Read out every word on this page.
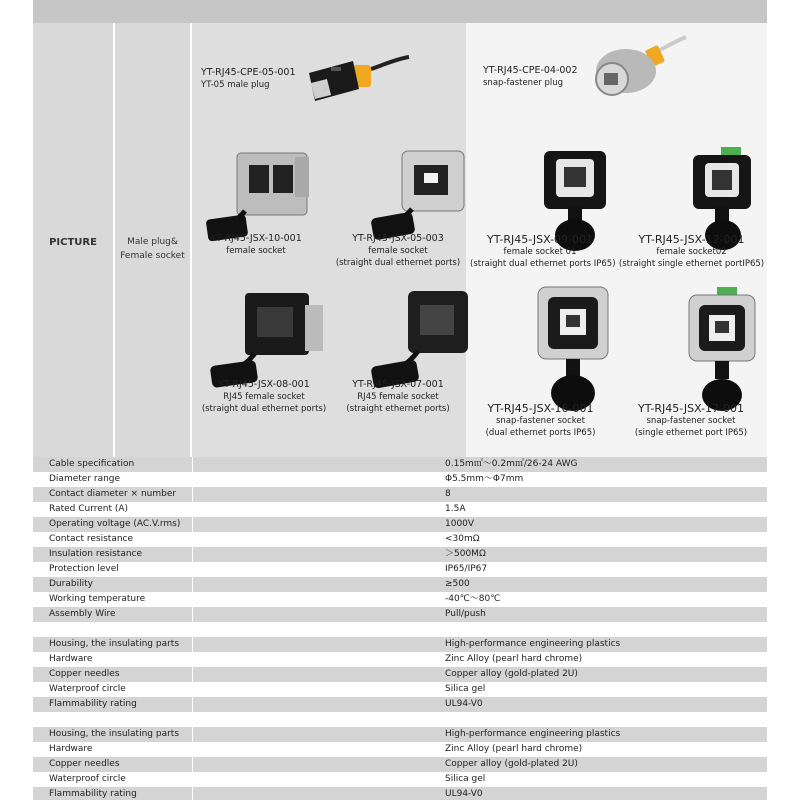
PICTURE	Male plug&
Female socket
YT-RJ45-CPE-05-001
YT-05 male plug
YT-RJ45-CPE-04-002
snap-fastener plug
YT-RJ45-JSX-10-001
female socket
YT-RJ45-JSX-05-003
female socket
(straight dual ethernet ports)
YT-RJ45-JSX-09-001
female socket 01
(straight dual ethernet ports IP65)
YT-RJ45-JSX-12-001
female socket02
(straight single ethernet portIP65)
YT-RJ45-JSX-08-001
RJ45 female socket
(straight dual ethernet ports)
YT-RJ45-JSX-07-001
RJ45 female socket
(straight ethernet ports)	YT-RJ45-JSX-16-001
snap-fastener socket
(dual ethernet ports IP65)
YT-RJ45-JSX-17-001
snap-fastener socket
(single ethernet port IP65)
Cable specification	0.15m㎡～0.2m㎡/26-24 AWG
Diameter range	Φ5.5mm～Φ7mm
Contact diameter × number	8
Rated Current (A)	1.5A
Operating voltage (AC.V.rms)	1000V
Contact resistance	<30mΩ
Insulation resistance	＞500MΩ
Protection level	IP65/IP67
Durability	≥500
Working temperature	-40℃～80℃
Assembly Wire	Pull/push
Housing, the insulating parts	High-performance engineering plastics
Hardware	Zinc Alloy (pearl hard chrome)
Copper needles	Copper alloy (gold-plated 2U)
Waterproof circle	Silica gel
Flammability rating	UL94-V0
Housing, the insulating parts	High-performance engineering plastics
Hardware	Zinc Alloy (pearl hard chrome)
Copper needles	Copper alloy (gold-plated 2U)
Waterproof circle	Silica gel
Flammability rating	UL94-V0
